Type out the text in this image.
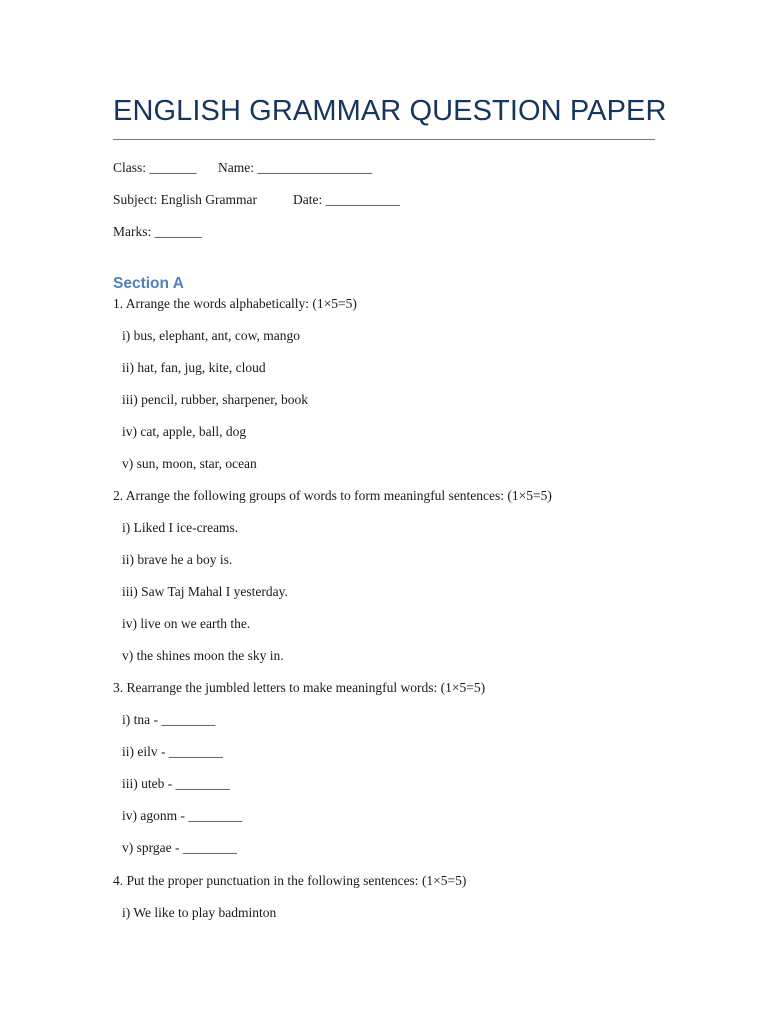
ENGLISH GRAMMAR QUESTION PAPER
Class: _______ Name: _________________
Subject: English Grammar	Date: ___________
Marks: _______
Section A
1. Arrange the words alphabetically: (1×5=5)
i) bus, elephant, ant, cow, mango
ii) hat, fan, jug, kite, cloud
iii) pencil, rubber, sharpener, book
iv) cat, apple, ball, dog
v) sun, moon, star, ocean
2. Arrange the following groups of words to form meaningful sentences: (1×5=5)
i) Liked I ice-creams.
ii) brave he a boy is.
iii) Saw Taj Mahal I yesterday.
iv) live on we earth the.
v) the shines moon the sky in.
3. Rearrange the jumbled letters to make meaningful words: (1×5=5)
i) tna - ________
ii) eilv - ________
iii) uteb - ________
iv) agonm - ________
v) sprgae - ________
4. Put the proper punctuation in the following sentences: (1×5=5)
i) We like to play badminton
